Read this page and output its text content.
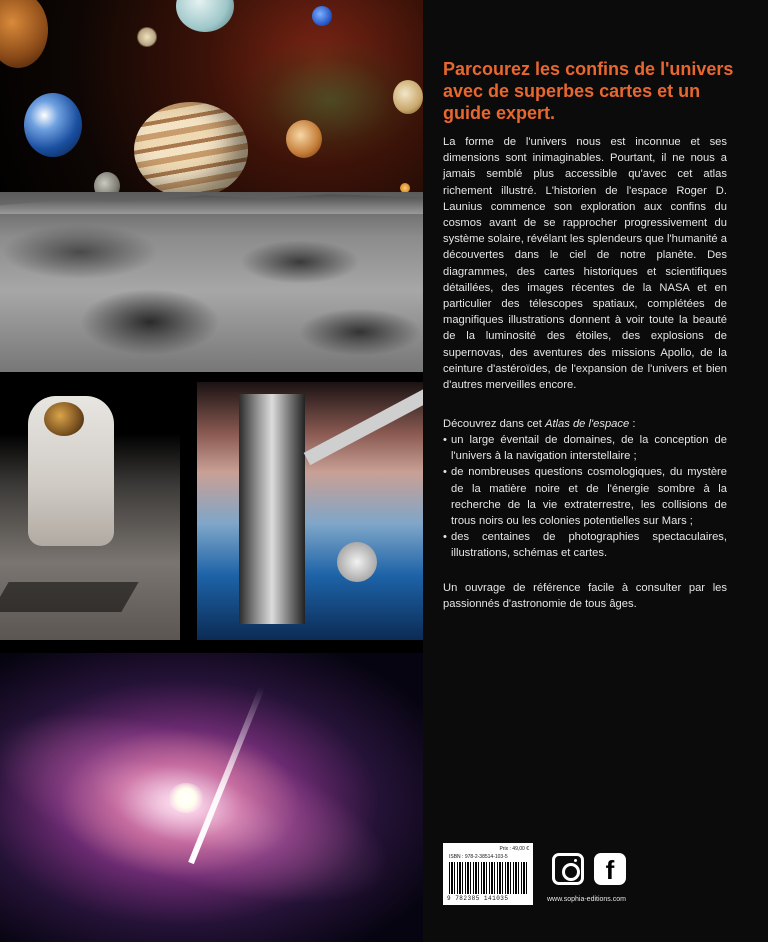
Parcourez les confins de l'univers avec de superbes cartes et un guide expert.

La forme de l'univers nous est inconnue et ses dimensions sont inimaginables. Pourtant, il ne nous a jamais semblé plus accessible qu'avec cet atlas richement illustré. L'historien de l'espace Roger D. Launius commence son exploration aux confins du cosmos avant de se rapprocher progressivement du système solaire, révélant les splendeurs que l'humanité a découvertes dans le ciel de notre planète. Des diagrammes, des cartes historiques et scientifiques détaillées, des images récentes de la NASA et en particulier des télescopes spatiaux, complétées de magnifiques illustrations donnent à voir toute la beauté de la luminosité des étoiles, des explosions de supernovas, des aventures des missions Apollo, de la ceinture d'astéroïdes, de l'expansion de l'univers et bien d'autres merveilles encore.

Découvrez dans cet Atlas de l'espace :

• un large éventail de domaines, de la conception de l'univers à la navigation interstellaire ;
• de nombreuses questions cosmologiques, du mystère de la matière noire et de l'énergie sombre à la recherche de la vie extraterrestre, les collisions de trous noirs ou les colonies potentielles sur Mars ;
• des centaines de photographies spectaculaires, illustrations, schémas et cartes.

Un ouvrage de référence facile à consulter par les passionnés d'astronomie de tous âges.

Prix : 49,00 €
ISBN : 978-2-38514-103-5
9 782385 141035
f
www.sophia-editions.com
